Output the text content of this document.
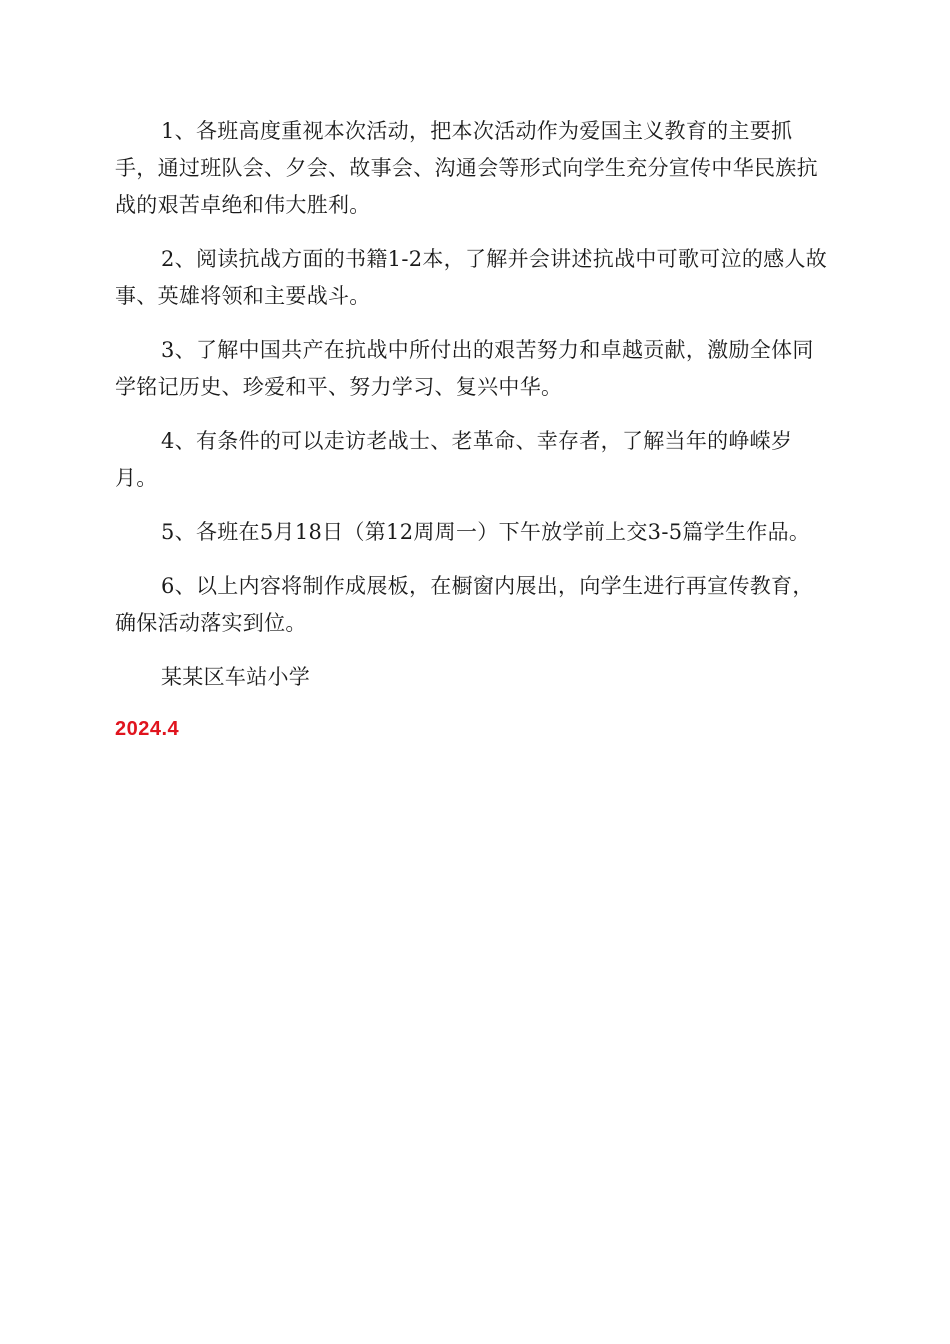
1、各班高度重视本次活动，把本次活动作为爱国主义教育的主要抓手，通过班队会、夕会、故事会、沟通会等形式向学生充分宣传中华民族抗战的艰苦卓绝和伟大胜利。

2、阅读抗战方面的书籍1-2本，了解并会讲述抗战中可歌可泣的感人故事、英雄将领和主要战斗。

3、了解中国共产在抗战中所付出的艰苦努力和卓越贡献，激励全体同学铭记历史、珍爱和平、努力学习、复兴中华。

4、有条件的可以走访老战士、老革命、幸存者，了解当年的峥嵘岁月。

5、各班在5月18日（第12周周一）下午放学前上交3-5篇学生作品。

6、以上内容将制作成展板，在橱窗内展出，向学生进行再宣传教育，确保活动落实到位。

某某区车站小学

2024.4
